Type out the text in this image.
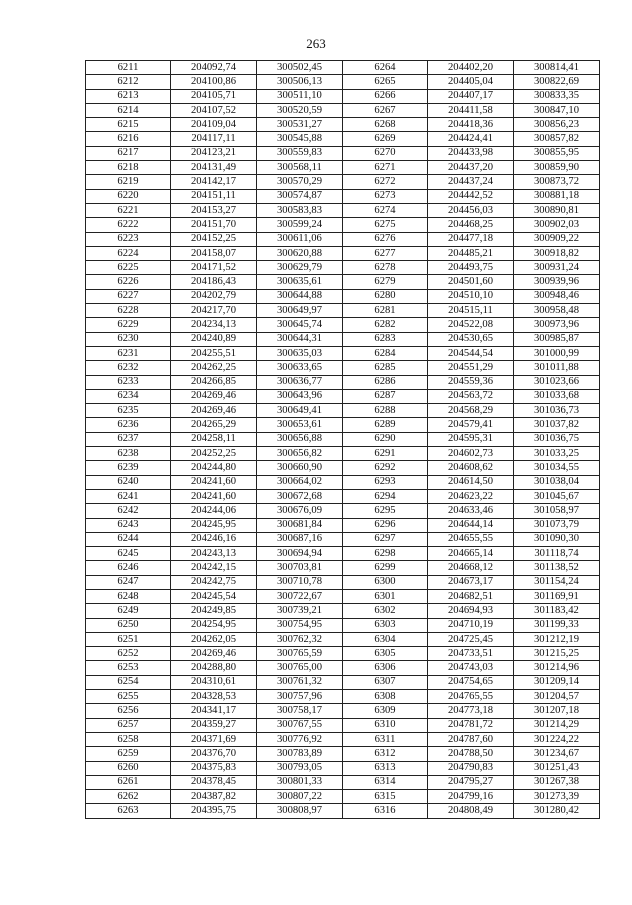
263
6211	204092,74	300502,45	6264	204402,20	300814,41
6212	204100,86	300506,13	6265	204405,04	300822,69
6213	204105,71	300511,10	6266	204407,17	300833,35
6214	204107,52	300520,59	6267	204411,58	300847,10
6215	204109,04	300531,27	6268	204418,36	300856,23
6216	204117,11	300545,88	6269	204424,41	300857,82
6217	204123,21	300559,83	6270	204433,98	300855,95
6218	204131,49	300568,11	6271	204437,20	300859,90
6219	204142,17	300570,29	6272	204437,24	300873,72
6220	204151,11	300574,87	6273	204442,52	300881,18
6221	204153,27	300583,83	6274	204456,03	300890,81
6222	204151,70	300599,24	6275	204468,25	300902,03
6223	204152,25	300611,06	6276	204477,18	300909,22
6224	204158,07	300620,88	6277	204485,21	300918,82
6225	204171,52	300629,79	6278	204493,75	300931,24
6226	204186,43	300635,61	6279	204501,60	300939,96
6227	204202,79	300644,88	6280	204510,10	300948,46
6228	204217,70	300649,97	6281	204515,11	300958,48
6229	204234,13	300645,74	6282	204522,08	300973,96
6230	204240,89	300644,31	6283	204530,65	300985,87
6231	204255,51	300635,03	6284	204544,54	301000,99
6232	204262,25	300633,65	6285	204551,29	301011,88
6233	204266,85	300636,77	6286	204559,36	301023,66
6234	204269,46	300643,96	6287	204563,72	301033,68
6235	204269,46	300649,41	6288	204568,29	301036,73
6236	204265,29	300653,61	6289	204579,41	301037,82
6237	204258,11	300656,88	6290	204595,31	301036,75
6238	204252,25	300656,82	6291	204602,73	301033,25
6239	204244,80	300660,90	6292	204608,62	301034,55
6240	204241,60	300664,02	6293	204614,50	301038,04
6241	204241,60	300672,68	6294	204623,22	301045,67
6242	204244,06	300676,09	6295	204633,46	301058,97
6243	204245,95	300681,84	6296	204644,14	301073,79
6244	204246,16	300687,16	6297	204655,55	301090,30
6245	204243,13	300694,94	6298	204665,14	301118,74
6246	204242,15	300703,81	6299	204668,12	301138,52
6247	204242,75	300710,78	6300	204673,17	301154,24
6248	204245,54	300722,67	6301	204682,51	301169,91
6249	204249,85	300739,21	6302	204694,93	301183,42
6250	204254,95	300754,95	6303	204710,19	301199,33
6251	204262,05	300762,32	6304	204725,45	301212,19
6252	204269,46	300765,59	6305	204733,51	301215,25
6253	204288,80	300765,00	6306	204743,03	301214,96
6254	204310,61	300761,32	6307	204754,65	301209,14
6255	204328,53	300757,96	6308	204765,55	301204,57
6256	204341,17	300758,17	6309	204773,18	301207,18
6257	204359,27	300767,55	6310	204781,72	301214,29
6258	204371,69	300776,92	6311	204787,60	301224,22
6259	204376,70	300783,89	6312	204788,50	301234,67
6260	204375,83	300793,05	6313	204790,83	301251,43
6261	204378,45	300801,33	6314	204795,27	301267,38
6262	204387,82	300807,22	6315	204799,16	301273,39
6263	204395,75	300808,97	6316	204808,49	301280,42
